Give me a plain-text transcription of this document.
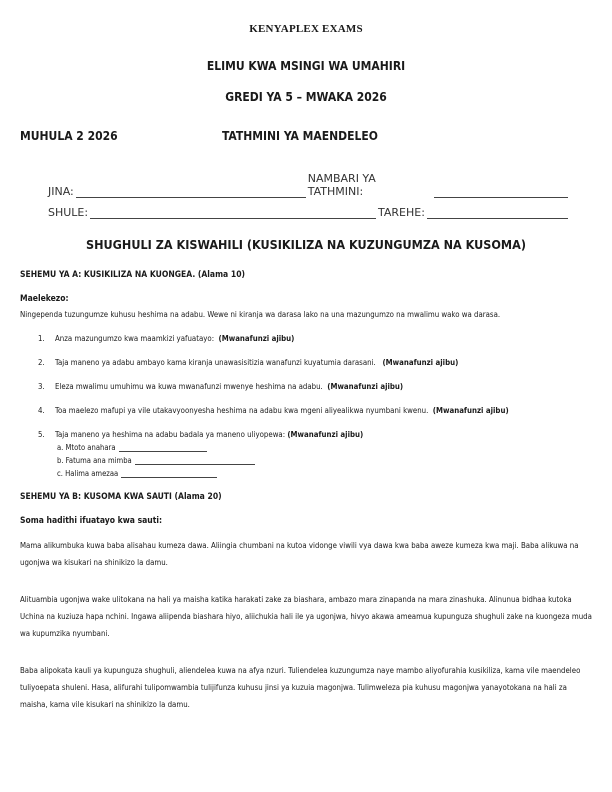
KENYAPLEX EXAMS
ELIMU KWA MSINGI WA UMAHIRI
GREDI YA 5 – MWAKA 2026
MUHULA 2 2026	TATHMINI YA MAENDELEO
JINA:
NAMBARI YA TATHMINI:
SHULE:	TAREHE:
SHUGHULI ZA KISWAHILI (KUSIKILIZA NA KUZUNGUMZA NA KUSOMA)
SEHEMU YA A: KUSIKILIZA NA KUONGEA. (Alama 10)
Maelekezo:
Ningependa tuzungumze kuhusu heshima na adabu. Wewe ni kiranja wa darasa lako na una mazungumzo na mwalimu wako wa darasa.
1. Anza mazungumzo kwa maamkizi yafuatayo: (Mwanafunzi ajibu)
2. Taja maneno ya adabu ambayo kama kiranja unawasisitizia wanafunzi kuyatumia darasani. (Mwanafunzi ajibu)
3. Eleza mwalimu umuhimu wa kuwa mwanafunzi mwenye heshima na adabu. (Mwanafunzi ajibu)
4. Toa maelezo mafupi ya vile utakavyoonyesha heshima na adabu kwa mgeni aliyealikwa nyumbani kwenu. (Mwanafunzi ajibu)
5. Taja maneno ya heshima na adabu badala ya maneno uliyopewa: (Mwanafunzi ajibu)
a. Mtoto anahara
b. Fatuma ana mimba
c. Halima amezaa
SEHEMU YA B: KUSOMA KWA SAUTI (Alama 20)
Soma hadithi ifuatayo kwa sauti:
Mama alikumbuka kuwa baba alisahau kumeza dawa. Aliingia chumbani na kutoa vidonge viwili vya dawa kwa baba aweze kumeza kwa maji. Baba alikuwa na ugonjwa wa kisukari na shinikizo la damu.
Alituambia ugonjwa wake ulitokana na hali ya maisha katika harakati zake za biashara, ambazo mara zinapanda na mara zinashuka. Alinunua bidhaa kutoka Uchina na kuziuza hapa nchini. Ingawa aliipenda biashara hiyo, aliichukia hali ile ya ugonjwa, hivyo akawa ameamua kupunguza shughuli zake na kuongeza muda wa kupumzika nyumbani.
Baba alipokata kauli ya kupunguza shughuli, aliendelea kuwa na afya nzuri. Tuliendelea kuzungumza naye mambo aliyofurahia kusikiliza, kama vile maendeleo tuliyoepata shuleni. Hasa, alifurahi tulipomwambia tulijifunza kuhusu jinsi ya kuzuia magonjwa. Tulimweleza pia kuhusu magonjwa yanayotokana na hali za maisha, kama vile kisukari na shinikizo la damu.
